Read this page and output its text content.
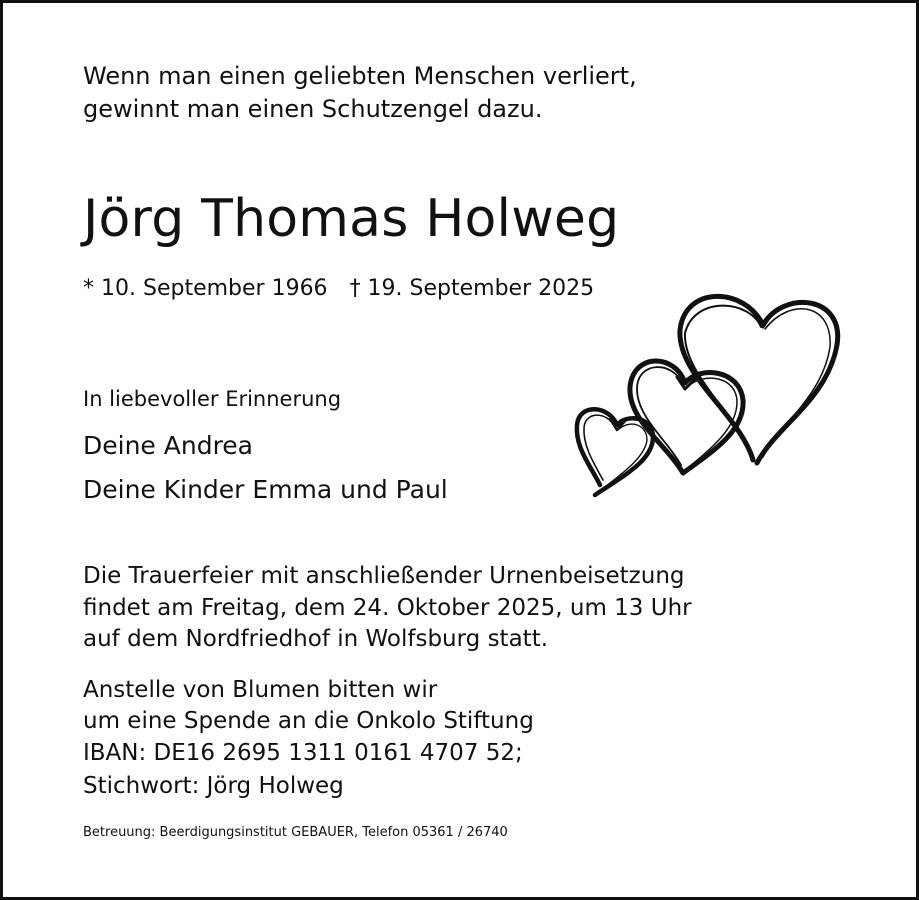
Wenn man einen geliebten Menschen verliert,

gewinnt man einen Schutzengel dazu.

Jörg Thomas Holweg

* 10. September 1966 † 19. September 2025

In liebevoller Erinnerung

Deine Andrea

Deine Kinder Emma und Paul

Die Trauerfeier mit anschließender Urnenbeisetzung

findet am Freitag, dem 24. Oktober 2025, um 13 Uhr

auf dem Nordfriedhof in Wolfsburg statt.

Anstelle von Blumen bitten wir

um eine Spende an die Onkolo Stiftung

IBAN: DE16 2695 1311 0161 4707 52;

Stichwort: Jörg Holweg

Betreuung: Beerdigungsinstitut GEBAUER, Telefon 05361 / 26740
